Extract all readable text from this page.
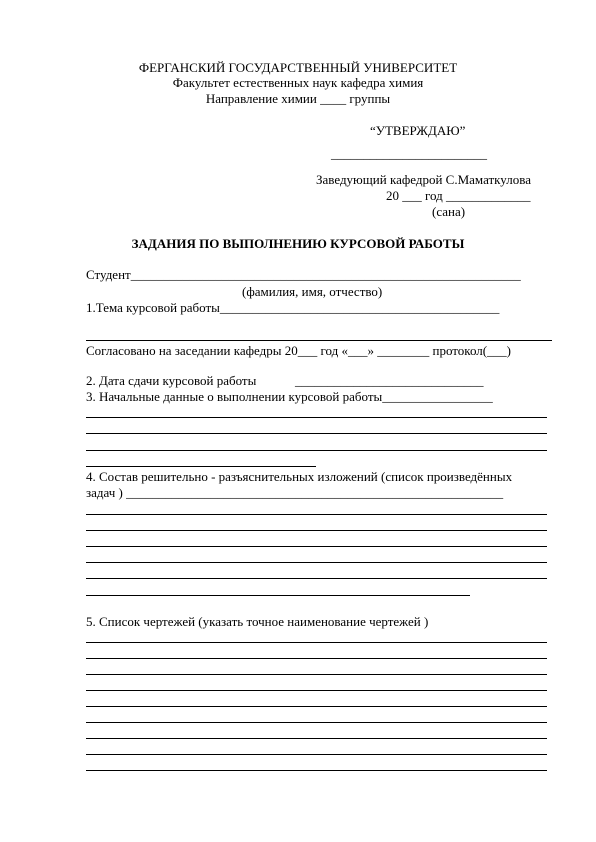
ФЕРГАНСКИЙ ГОСУДАРСТВЕННЫЙ УНИВЕРСИТЕТ
Факультет естественных наук кафедра химия
Направление химии ____ группы
“УТВЕРЖДАЮ”
________________________
Заведующий кафедрой С.Маматкулова
20 ___ год _____________
(сана)
ЗАДАНИЯ ПО ВЫПОЛНЕНИЮ КУРСОВОЙ РАБОТЫ
Студент____________________________________________________________
(фамилия, имя, отчество)
1.Тема курсовой работы___________________________________________
Согласовано на заседании кафедры 20___ год «___» ________ протокол(___)
2. Дата сдачи курсовой работы	_____________________________
3. Начальные данные о выполнении курсовой работы_________________
4. Состав решительно - разъяснительных изложений (список произведённых
задач ) __________________________________________________________
5. Список чертежей (указать точное наименование чертежей )
